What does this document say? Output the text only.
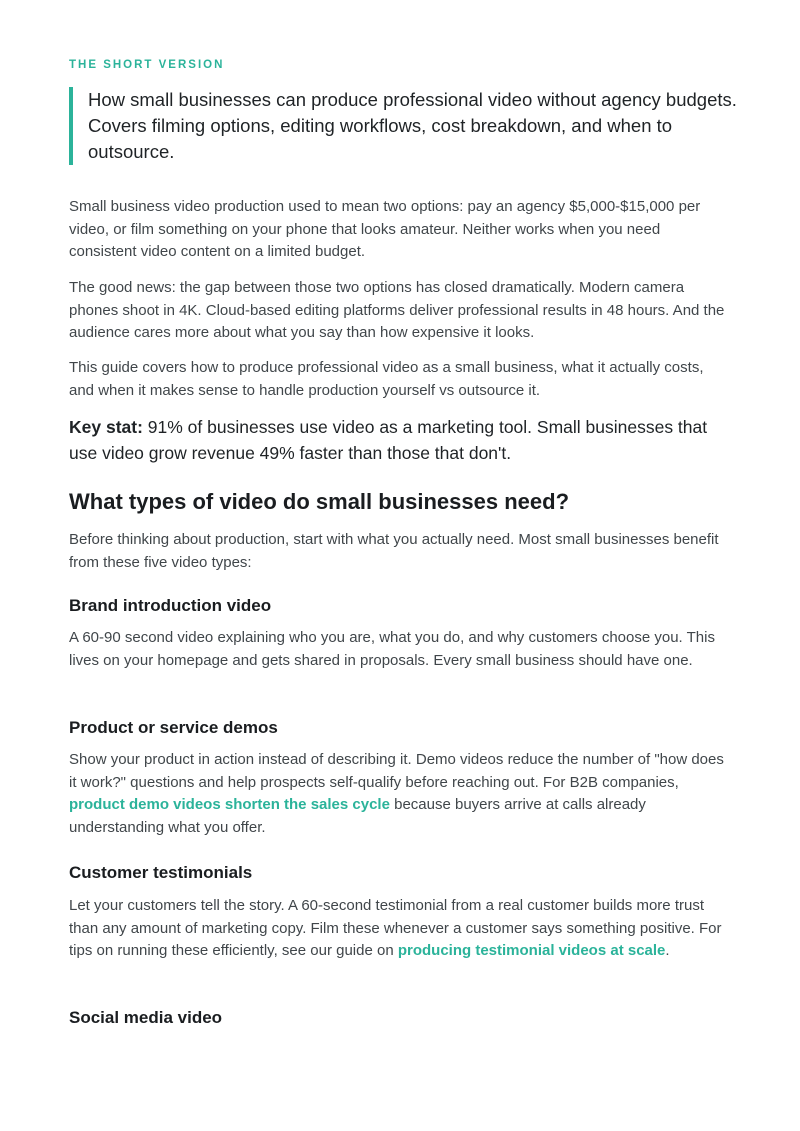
THE SHORT VERSION
How small businesses can produce professional video without agency budgets. Covers filming options, editing workflows, cost breakdown, and when to outsource.

Small business video production used to mean two options: pay an agency $5,000-$15,000 per video, or film something on your phone that looks amateur. Neither works when you need consistent video content on a limited budget.

The good news: the gap between those two options has closed dramatically. Modern camera phones shoot in 4K. Cloud-based editing platforms deliver professional results in 48 hours. And the audience cares more about what you say than how expensive it looks.

This guide covers how to produce professional video as a small business, what it actually costs, and when it makes sense to handle production yourself vs outsource it.

Key stat: 91% of businesses use video as a marketing tool. Small businesses that use video grow revenue 49% faster than those that don't.

What types of video do small businesses need?

Before thinking about production, start with what you actually need. Most small businesses benefit from these five video types:

Brand introduction video

A 60-90 second video explaining who you are, what you do, and why customers choose you. This lives on your homepage and gets shared in proposals. Every small business should have one.

Product or service demos

Show your product in action instead of describing it. Demo videos reduce the number of "how does it work?" questions and help prospects self-qualify before reaching out. For B2B companies, product demo videos shorten the sales cycle because buyers arrive at calls already understanding what you offer.

Customer testimonials

Let your customers tell the story. A 60-second testimonial from a real customer builds more trust than any amount of marketing copy. Film these whenever a customer says something positive. For tips on running these efficiently, see our guide on producing testimonial videos at scale.

Social media video
